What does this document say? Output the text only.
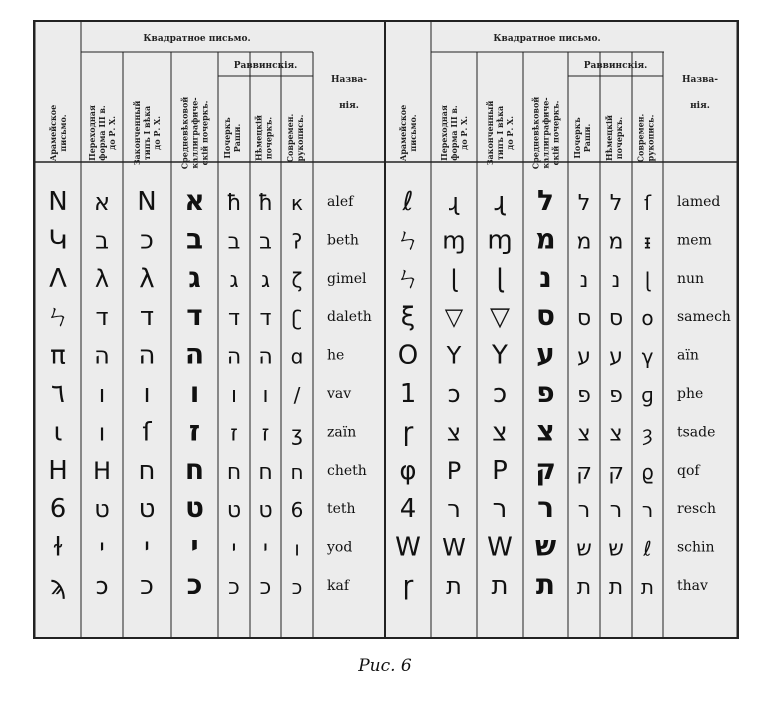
Квадратное письмо.
Раввинскія.
Арамейское письмо. Переходная форма III в. до Р. Х. Законченный типъ I вѣка до Р. Х. Средневѣковой каллиграфиче- скій почеркъ. Почеркъ Раши. Нѣмецкій почеркъ. Совремeн. рукопись.
Назва-
нія.
Квадратное письмо.
Раввинскія.
Арамейское письмо.	Переходная форма III в. до Р. Х. Законченный типъ I вѣка до Р. Х. Средневѣковой каллиграфиче- скій почеркъ. Почеркъ Раши. Нѣмецкій почеркъ. Совремeн. рукопись.
Назва-
нія.
Ν א Ν א ħ ħ к alef
Կ ב כ ב ב ב ʔ beth
Λ λ λ ג ג ג ζ gimel
ㄣ ד ד ד ד ד ʗ daleth
π ה ה ה ה ה ɑ he
٦ ו ו ו ו ו / vav
ι ו ſ ז ז ז ʒ zaïn
Н Н ח ח ח ח ח cheth
6 ט ט ט ט ט 6 teth
ɫ י י י י י ı yod
ϡ ɔ כ כ כ כ כ kaf
ℓ ɻ ɻ ל ל ל ſ lamed
ㄣ ɱ ɱ מ מ מ ᵻ mem
ㄣ ɭ ɭ נ נ נ ɭ nun
ξ ▽ ▽ ס ס ס о samech
Ο Y Y ע ע ע γ aïn
1 ɔ ɔ פ פ פ ɡ phe
ɼ צ צ צ צ צ ȝ tsade
φ P P ק ק ק ϱ qof
4 ר ר ר ר ר ר resch
W W W ש ש ש ℓ schin
ɼ ת ת ת ת ת ת thav
Рис. 6
